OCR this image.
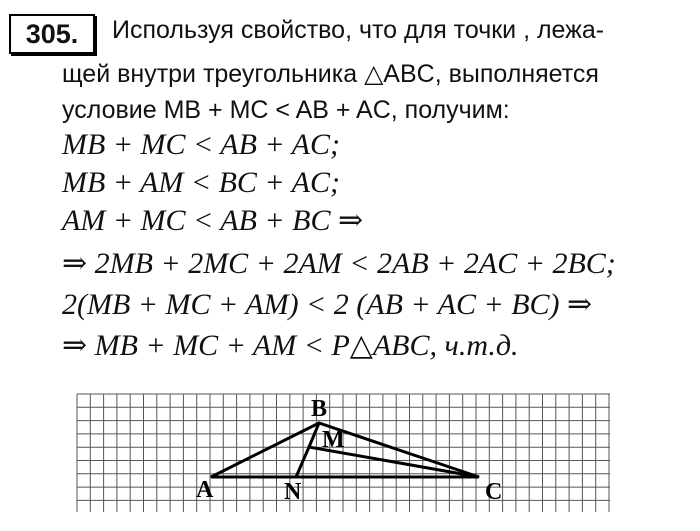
305.	Используя свойство, что для точки , лежа-
щей внутри треугольника △ABC, выполняется
условие MB + MC < AB + AC, получим:
MB + MC < AB + AC;
MB + AM < BC + AC;
AM + MC < AB + BC ⇒
⇒ 2MB + 2MC + 2AM < 2AB + 2AC + 2BC;
2(MB + MC + AM) < 2 (AB + AC + BC) ⇒
⇒ MB + MC + AM < P△ABC, ч.т.д.
A
B
M
N	C
